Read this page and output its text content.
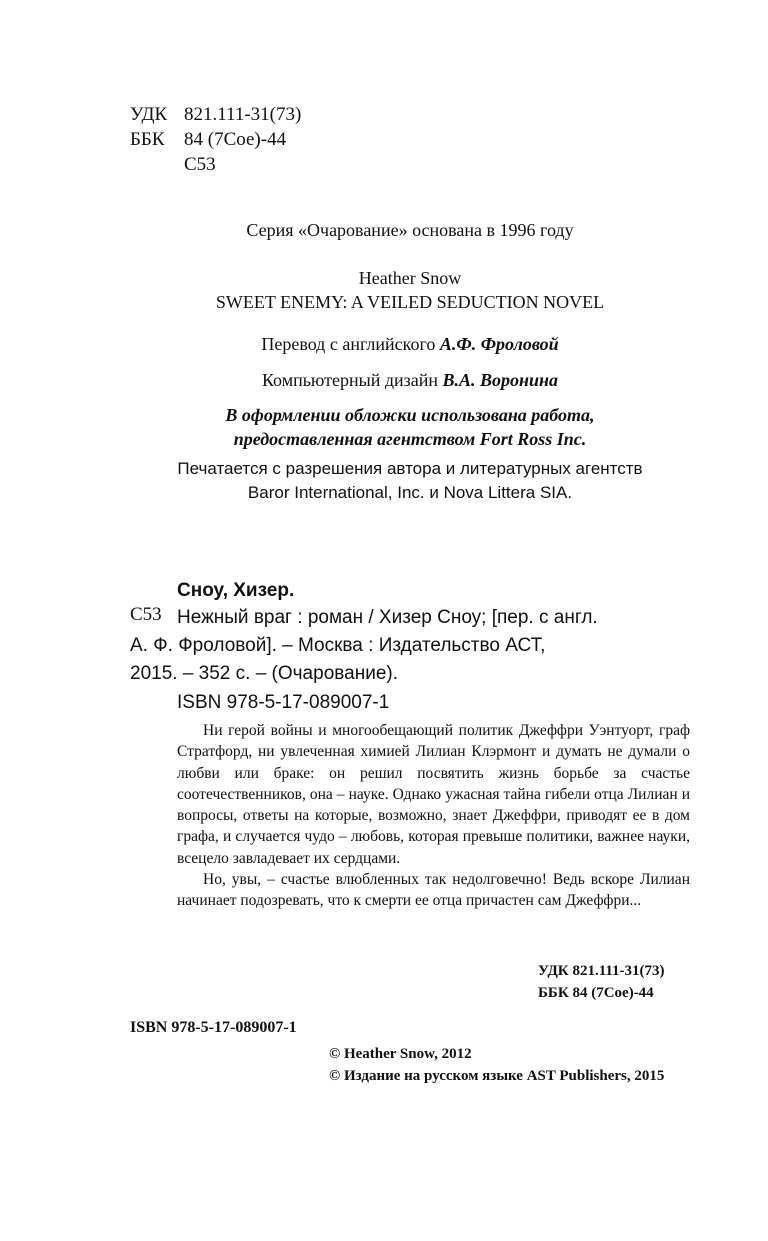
УДК 821.111-31(73)
ББК	84 (7Сое)-44
С53
Серия «Очарование» основана в 1996 году
Heather Snow
SWEET ENEMY: A VEILED SEDUCTION NOVEL
Перевод с английского А.Ф. Фроловой
Компьютерный дизайн В.А. Воронина
В оформлении обложки использована работа,
предоставленная агентством Fort Ross Inc.
Печатается с разрешения автора и литературных агентств
Baror International, Inc. и Nova Littera SIA.
Сноу, Хизер.
С53 Нежный враг : роман / Хизер Сноу; [пер. с англ.
А. Ф. Фроловой]. – Москва : Издательство АСТ,
2015. – 352 с. – (Очарование).
ISBN 978-5-17-089007-1

Ни герой войны и многообещающий политик Джеффри Уэнтуорт, граф Стратфорд, ни увлеченная химией Лилиан Клэрмонт и думать не думали о любви или браке: он решил посвятить жизнь борьбе за счастье соотечественников, она – науке. Однако ужасная тайна гибели отца Лилиан и вопросы, ответы на которые, возможно, знает Джеффри, приводят ее в дом графа, и случается чудо – любовь, которая превыше политики, важнее науки, всецело завладевает их сердцами.

Но, увы, – счастье влюбленных так недолговечно! Ведь вскоре Лилиан начинает подозревать, что к смерти ее отца причастен сам Джеффри...

УДК 821.111-31(73)
ББК 84 (7Сое)-44
ISBN 978-5-17-089007-1
© Heather Snow, 2012
© Издание на русском языке AST Publishers, 2015
